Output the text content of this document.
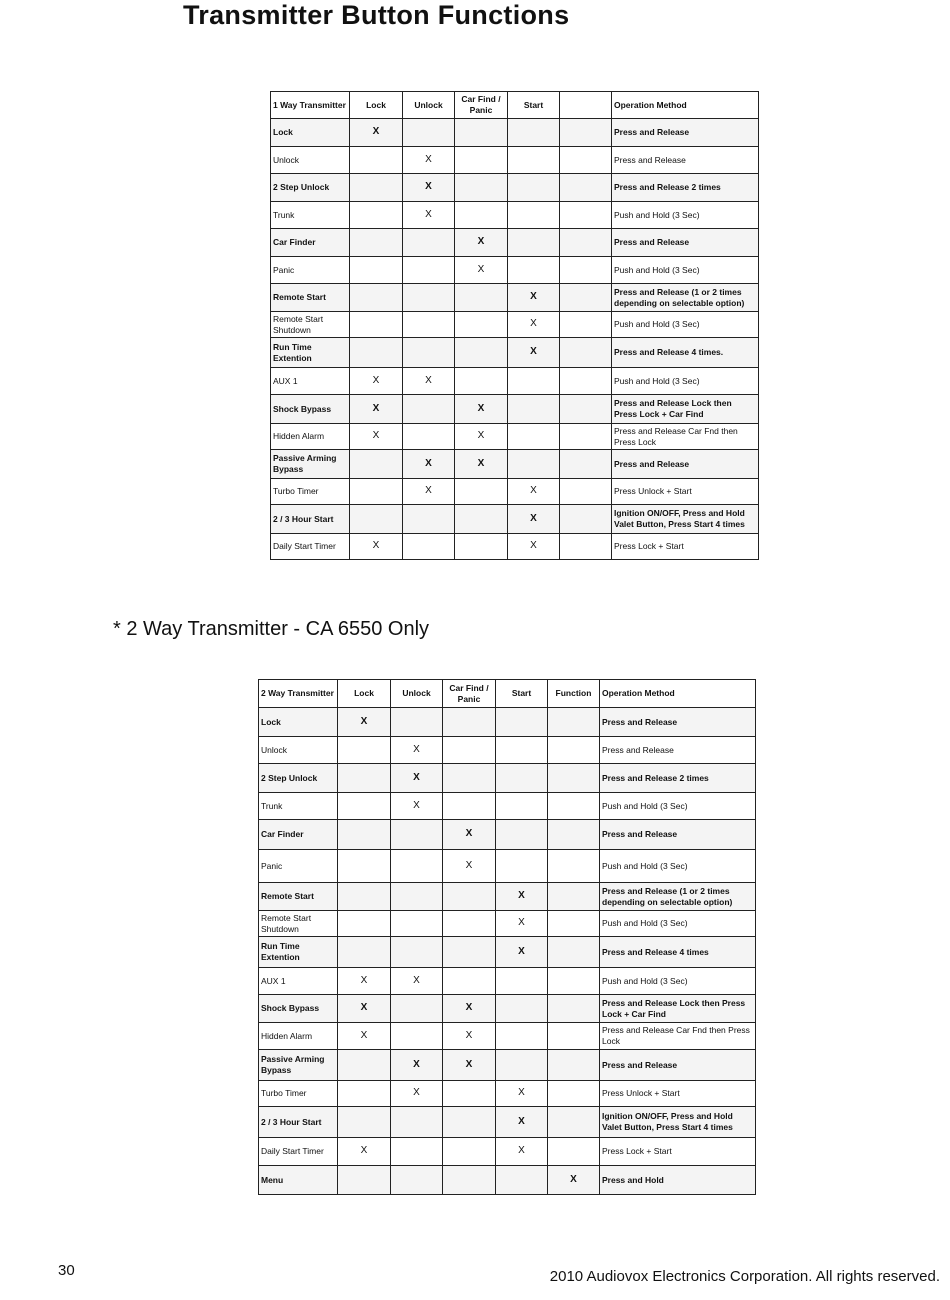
Transmitter Button Functions
1 Way Transmitter	Lock	Unlock	Car Find / Panic	Start		Operation Method
Lock	X					Press and Release
Unlock		X				Press and Release
2 Step Unlock		X				Press and Release 2 times
Trunk		X				Push and Hold (3 Sec)
Car Finder			X			Press and Release
Panic			X			Push and Hold (3 Sec)
Remote Start				X		Press and Release (1 or 2 times depending on selectable option)
Remote Start Shutdown				X		Push and Hold (3 Sec)
Run Time Extention				X		Press and Release 4 times.
AUX 1	X	X				Push and Hold (3 Sec)
Shock Bypass	X		X			Press and Release Lock then Press Lock + Car Find
Hidden Alarm	X		X			Press and Release Car Fnd then Press Lock
Passive Arming Bypass		X	X			Press and Release
Turbo Timer		X		X		Press Unlock + Start
2 / 3 Hour Start				X		Ignition ON/OFF, Press and Hold Valet Button, Press Start 4 times
Daily Start Timer	X			X		Press Lock + Start
* 2 Way Transmitter - CA 6550 Only
2 Way Transmitter	Lock	Unlock	Car Find / Panic	Start	Function	Operation Method
Lock	X					Press and Release
Unlock		X				Press and Release
2 Step Unlock		X				Press and Release 2 times
Trunk		X				Push and Hold (3 Sec)
Car Finder			X			Press and Release
Panic			X			Push and Hold (3 Sec)
Remote Start				X		Press and Release (1 or 2 times depending on selectable option)
Remote Start Shutdown				X		Push and Hold (3 Sec)
Run Time Extention				X		Press and Release 4 times
AUX 1	X	X				Push and Hold (3 Sec)
Shock Bypass	X		X			Press and Release Lock then Press Lock + Car Find
Hidden Alarm	X		X			Press and Release Car Fnd then Press Lock
Passive Arming Bypass		X	X			Press and Release
Turbo Timer		X		X		Press Unlock + Start
2 / 3 Hour Start				X		Ignition ON/OFF, Press and Hold Valet Button, Press Start 4 times
Daily Start Timer	X			X		Press Lock + Start
Menu					X	Press and Hold
30	2010 Audiovox Electronics Corporation. All rights reserved.
